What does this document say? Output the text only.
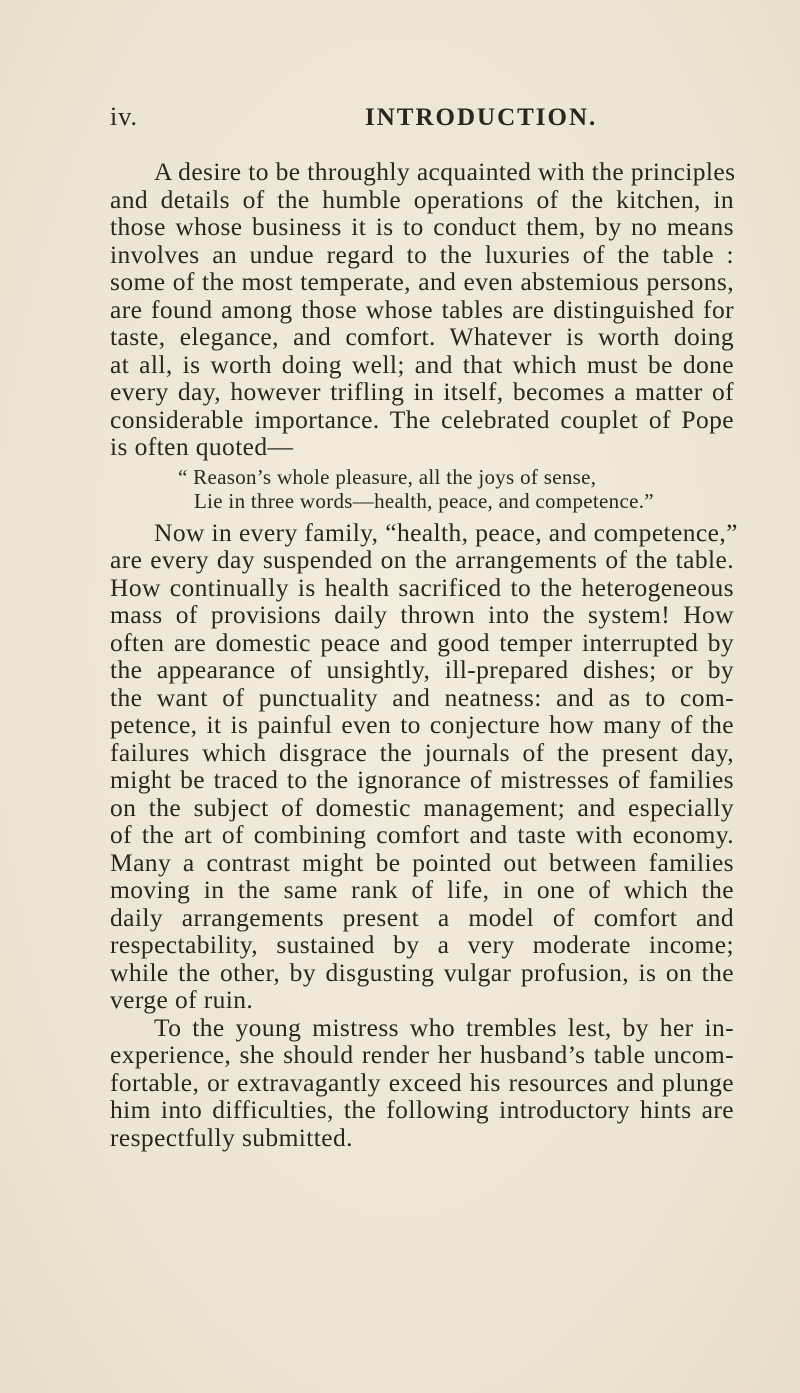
iv.	INTRODUCTION.
A desire to be throughly acquainted with the principles
and details of the humble operations of the kitchen, in
those whose business it is to conduct them, by no means
involves an undue regard to the luxuries of the table :
some of the most temperate, and even abstemious persons,
are found among those whose tables are distinguished for
taste, elegance, and comfort. Whatever is worth doing
at all, is worth doing well; and that which must be done
every day, however trifling in itself, becomes a matter of
considerable importance. The celebrated couplet of Pope
is often quoted—
“ Reason’s whole pleasure, all the joys of sense,
Lie in three words—health, peace, and competence.”
Now in every family, “health, peace, and competence,”
are every day suspended on the arrangements of the table.
How continually is health sacrificed to the heterogeneous
mass of provisions daily thrown into the system! How
often are domestic peace and good temper interrupted by
the appearance of unsightly, ill-prepared dishes; or by
the want of punctuality and neatness: and as to com-
petence, it is painful even to conjecture how many of the
failures which disgrace the journals of the present day,
might be traced to the ignorance of mistresses of families
on the subject of domestic management; and especially
of the art of combining comfort and taste with economy.
Many a contrast might be pointed out between families
moving in the same rank of life, in one of which the
daily arrangements present a model of comfort and
respectability, sustained by a very moderate income;
while the other, by disgusting vulgar profusion, is on the
verge of ruin.
To the young mistress who trembles lest, by her in-
experience, she should render her husband’s table uncom-
fortable, or extravagantly exceed his resources and plunge
him into difficulties, the following introductory hints are
respectfully submitted.
